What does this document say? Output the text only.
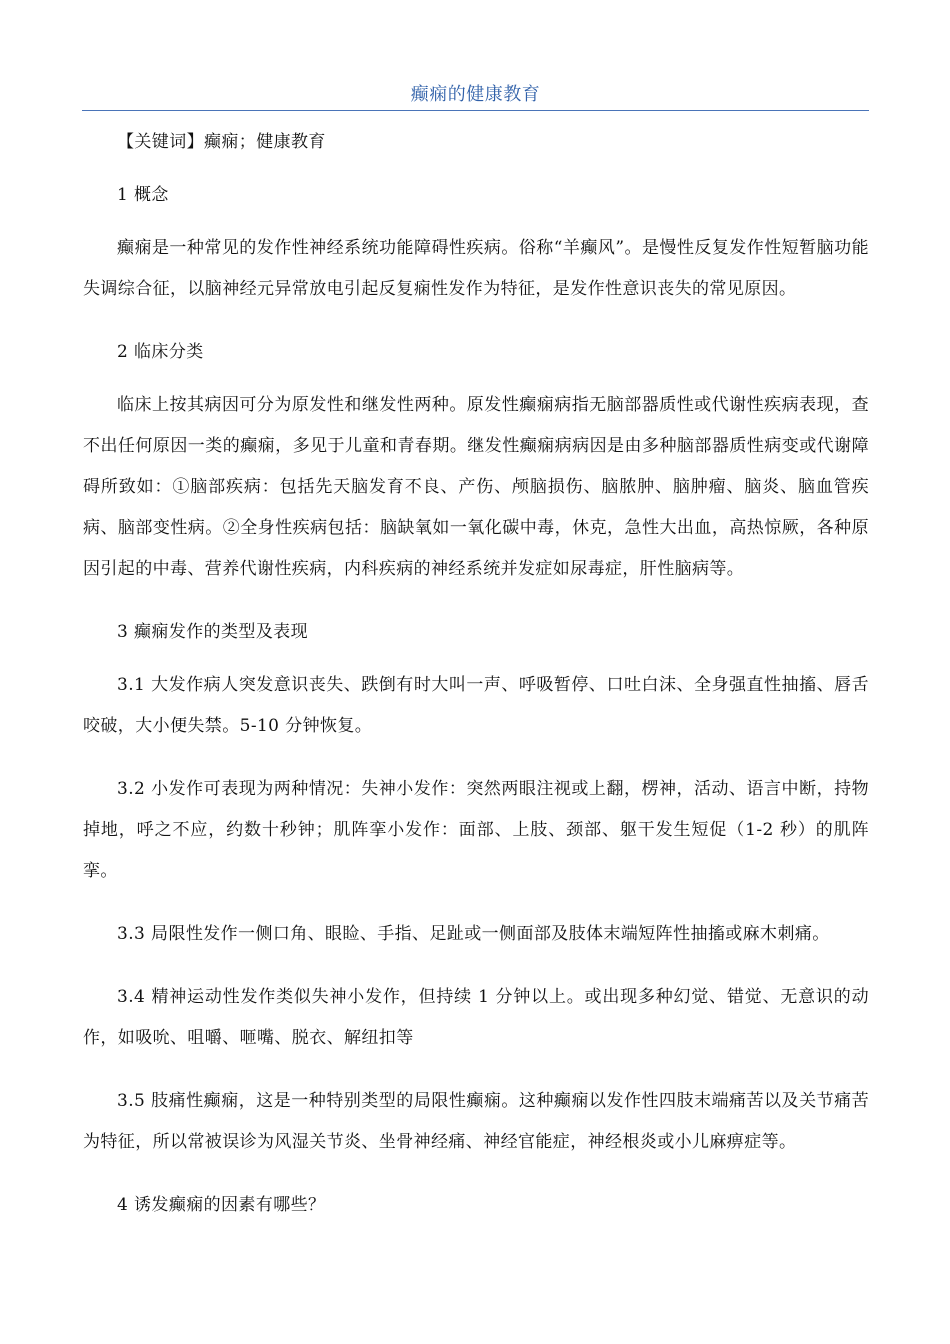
癫痫的健康教育

【关键词】癫痫；健康教育

1 概念

癫痫是一种常见的发作性神经系统功能障碍性疾病。俗称“羊癫风”。是慢性反复发作性短暂脑功能失调综合征，以脑神经元异常放电引起反复痫性发作为特征，是发作性意识丧失的常见原因。

2 临床分类

临床上按其病因可分为原发性和继发性两种。原发性癫痫病指无脑部器质性或代谢性疾病表现，查不出任何原因一类的癫痫，多见于儿童和青春期。继发性癫痫病病因是由多种脑部器质性病变或代谢障碍所致如：①脑部疾病：包括先天脑发育不良、产伤、颅脑损伤、脑脓肿、脑肿瘤、脑炎、脑血管疾病、脑部变性病。②全身性疾病包括：脑缺氧如一氧化碳中毒，休克，急性大出血，高热惊厥，各种原因引起的中毒、营养代谢性疾病，内科疾病的神经系统并发症如尿毒症，肝性脑病等。

3 癫痫发作的类型及表现

3.1 大发作病人突发意识丧失、跌倒有时大叫一声、呼吸暂停、口吐白沫、全身强直性抽搐、唇舌咬破，大小便失禁。5-10 分钟恢复。

3.2 小发作可表现为两种情况：失神小发作：突然两眼注视或上翻，楞神，活动、语言中断，持物掉地，呼之不应，约数十秒钟；肌阵挛小发作：面部、上肢、颈部、躯干发生短促（1-2 秒）的肌阵挛。

3.3 局限性发作一侧口角、眼睑、手指、足趾或一侧面部及肢体末端短阵性抽搐或麻木刺痛。

3.4 精神运动性发作类似失神小发作，但持续 1 分钟以上。或出现多种幻觉、错觉、无意识的动作，如吸吮、咀嚼、咂嘴、脱衣、解纽扣等

3.5 肢痛性癫痫，这是一种特别类型的局限性癫痫。这种癫痫以发作性四肢末端痛苦以及关节痛苦为特征，所以常被误诊为风湿关节炎、坐骨神经痛、神经官能症，神经根炎或小儿麻痹症等。

4 诱发癫痫的因素有哪些？
